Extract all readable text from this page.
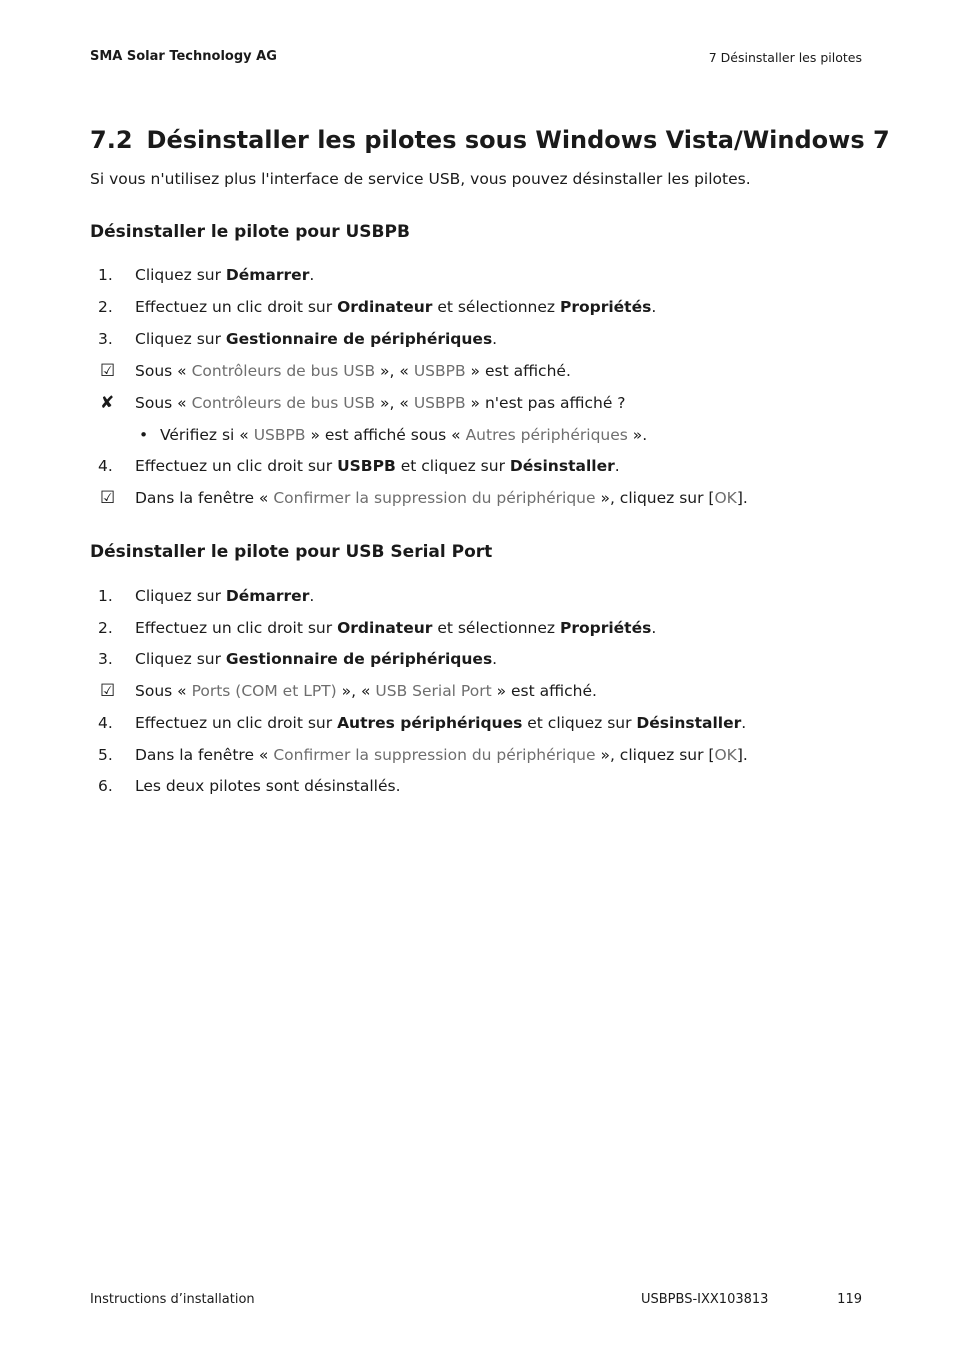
SMA Solar Technology AG	7 Désinstaller les pilotes
7.2 Désinstaller les pilotes sous Windows Vista/Windows 7

Si vous n'utilisez plus l'interface de service USB, vous pouvez désinstaller les pilotes.

Désinstaller le pilote pour USBPB
1. Cliquez sur Démarrer.
2. Effectuez un clic droit sur Ordinateur et sélectionnez Propriétés.
3. Cliquez sur Gestionnaire de périphériques.
☑ Sous « Contrôleurs de bus USB », « USBPB » est affiché.
✘ Sous « Contrôleurs de bus USB », « USBPB » n'est pas affiché ?
• Vérifiez si « USBPB » est affiché sous « Autres périphériques ».
4. Effectuez un clic droit sur USBPB et cliquez sur Désinstaller.
☑ Dans la fenêtre « Confirmer la suppression du périphérique », cliquez sur [OK].
Désinstaller le pilote pour USB Serial Port
1. Cliquez sur Démarrer.
2. Effectuez un clic droit sur Ordinateur et sélectionnez Propriétés.
3. Cliquez sur Gestionnaire de périphériques.
☑ Sous « Ports (COM et LPT) », « USB Serial Port » est affiché.
4. Effectuez un clic droit sur Autres périphériques et cliquez sur Désinstaller.
5. Dans la fenêtre « Confirmer la suppression du périphérique », cliquez sur [OK].
6. Les deux pilotes sont désinstallés.
Instructions d’installation	USBPBS-IXX103813	119
